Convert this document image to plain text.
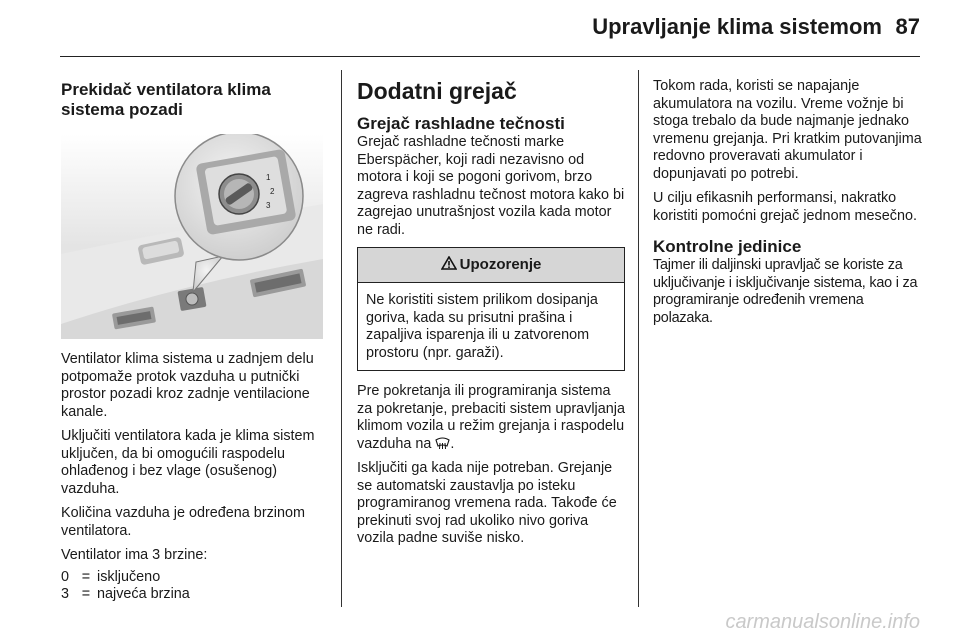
Upravljanje klima sistemom 87
Prekidač ventilatora klima sistema pozadi
1
2
3

Ventilator klima sistema u zadnjem delu potpomaže protok vazduha u putnički prostor pozadi kroz zadnje ventilacione kanale.

Uključiti ventilatora kada je klima sistem uključen, da bi omogućili raspodelu ohlađenog i bez vlage (osušenog) vazduha.

Količina vazduha je određena brzinom ventilatora.

Ventilator ima 3 brzine:

0 = isključeno
3 = najveća brzina
Dodatni grejač
Grejač rashladne tečnosti

Grejač rashladne tečnosti marke Eberspächer, koji radi nezavisno od motora i koji se pogoni gorivom, brzo zagreva rashladnu tečnost motora kako bi zagrejao unutrašnjost vozila kada motor ne radi.

Upozorenje
Ne koristiti sistem prilikom dosipanja goriva, kada su prisutni prašina i zapaljiva isparenja ili u zatvorenom prostoru (npr. garaži).

Pre pokretanja ili programiranja sistema za pokretanje, prebaciti sistem upravljanja klimom vozila u režim grejanja i raspodelu vazduha na .

Isključiti ga kada nije potreban. Grejanje se automatski zaustavlja po isteku programiranog vremena rada. Takođe će prekinuti svoj rad ukoliko nivo goriva vozila padne suviše nisko.

Tokom rada, koristi se napajanje akumulatora na vozilu. Vreme vožnje bi stoga trebalo da bude najmanje jednako vremenu grejanja. Pri kratkim putovanjima redovno proveravati akumulator i dopunjavati po potrebi.

U cilju efikasnih performansi, nakratko koristiti pomoćni grejač jednom mesečno.

Kontrolne jedinice

Tajmer ili daljinski upravljač se koriste za uključivanje i isključivanje sistema, kao i za programiranje određenih vremena polazaka.

carmanualsonline.info
